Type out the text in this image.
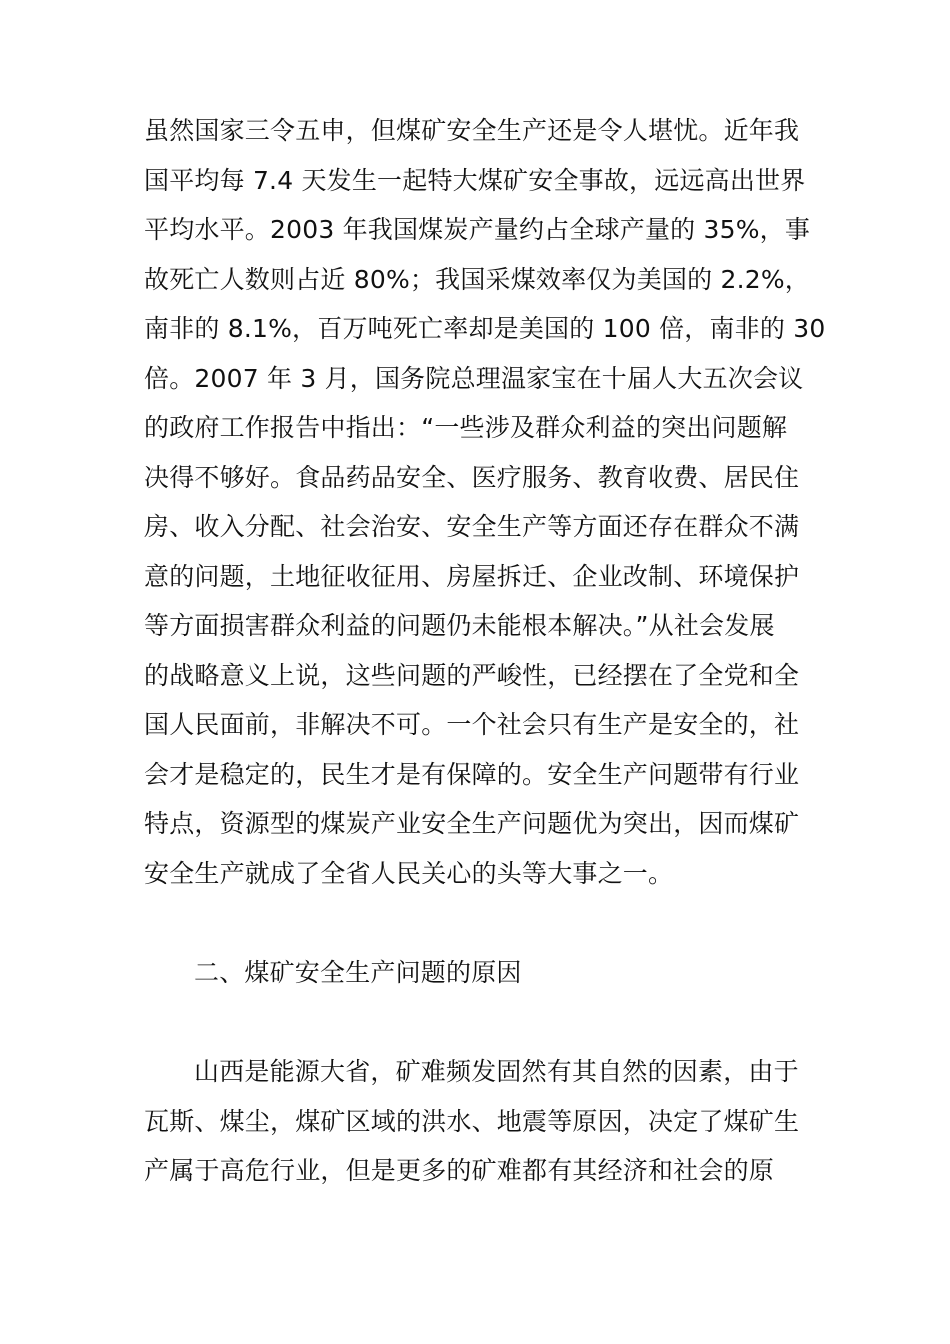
虽然国家三令五申，但煤矿安全生产还是令人堪忧。近年我
国平均每 7.4 天发生一起特大煤矿安全事故，远远高出世界
平均水平。2003 年我国煤炭产量约占全球产量的 35%，事
故死亡人数则占近 80%；我国采煤效率仅为美国的 2.2%，
南非的 8.1%，百万吨死亡率却是美国的 100 倍，南非的 30
倍。2007 年 3 月，国务院总理温家宝在十届人大五次会议
的政府工作报告中指出：“一些涉及群众利益的突出问题解
决得不够好。食品药品安全、医疗服务、教育收费、居民住
房、收入分配、社会治安、安全生产等方面还存在群众不满
意的问题，土地征收征用、房屋拆迁、企业改制、环境保护
等方面损害群众利益的问题仍未能根本解决。”从社会发展
的战略意义上说，这些问题的严峻性，已经摆在了全党和全
国人民面前，非解决不可。一个社会只有生产是安全的，社
会才是稳定的，民生才是有保障的。安全生产问题带有行业
特点，资源型的煤炭产业安全生产问题优为突出，因而煤矿
安全生产就成了全省人民关心的头等大事之一。
二、煤矿安全生产问题的原因
山西是能源大省，矿难频发固然有其自然的因素，由于
瓦斯、煤尘，煤矿区域的洪水、地震等原因，决定了煤矿生
产属于高危行业，但是更多的矿难都有其经济和社会的原
